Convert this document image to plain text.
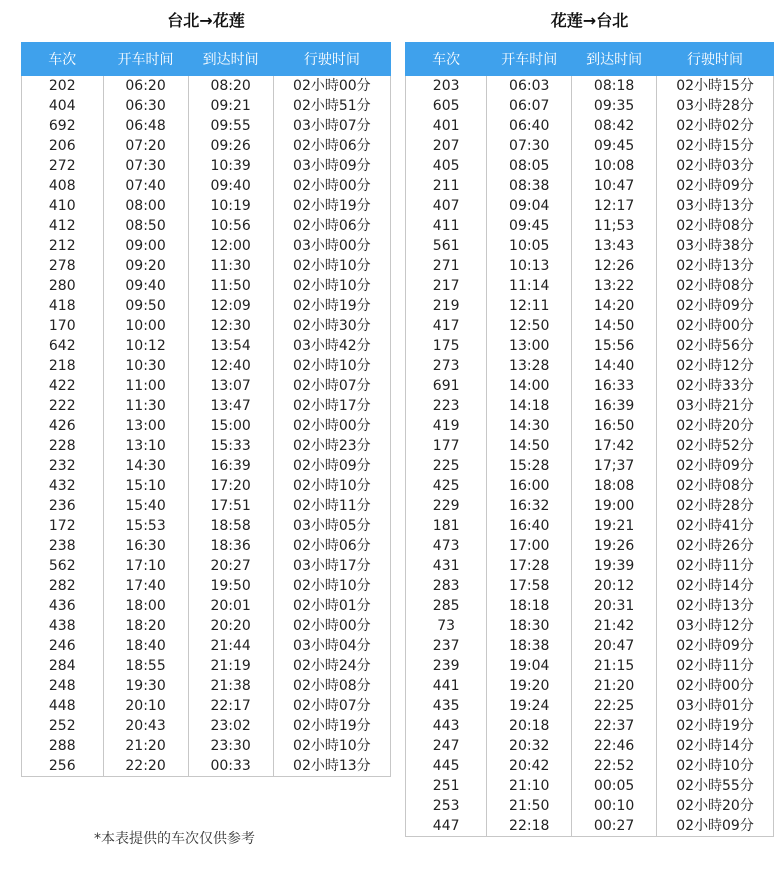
台北→花莲
车次	开车时间	到达时间	行驶时间
202	06:20	08:20	02小時00分
404	06:30	09:21	02小時51分
692	06:48	09:55	03小時07分
206	07:20	09:26	02小時06分
272	07:30	10:39	03小時09分
408	07:40	09:40	02小時00分
410	08:00	10:19	02小時19分
412	08:50	10:56	02小時06分
212	09:00	12:00	03小時00分
278	09:20	11:30	02小時10分
280	09:40	11:50	02小時10分
418	09:50	12:09	02小時19分
170	10:00	12:30	02小時30分
642	10:12	13:54	03小時42分
218	10:30	12:40	02小時10分
422	11:00	13:07	02小時07分
222	11:30	13:47	02小時17分
426	13:00	15:00	02小時00分
228	13:10	15:33	02小時23分
232	14:30	16:39	02小時09分
432	15:10	17:20	02小時10分
236	15:40	17:51	02小時11分
172	15:53	18:58	03小時05分
238	16:30	18:36	02小時06分
562	17:10	20:27	03小時17分
282	17:40	19:50	02小時10分
436	18:00	20:01	02小時01分
438	18:20	20:20	02小時00分
246	18:40	21:44	03小時04分
284	18:55	21:19	02小時24分
248	19:30	21:38	02小時08分
448	20:10	22:17	02小時07分
252	20:43	23:02	02小時19分
288	21:20	23:30	02小時10分
256	22:20	00:33	02小時13分
花莲→台北
车次	开车时间	到达时间	行驶时间
203	06:03	08:18	02小時15分
605	06:07	09:35	03小時28分
401	06:40	08:42	02小時02分
207	07:30	09:45	02小時15分
405	08:05	10:08	02小時03分
211	08:38	10:47	02小時09分
407	09:04	12:17	03小時13分
411	09:45	11;53	02小時08分
561	10:05	13:43	03小時38分
271	10:13	12:26	02小時13分
217	11:14	13:22	02小時08分
219	12:11	14:20	02小時09分
417	12:50	14:50	02小時00分
175	13:00	15:56	02小時56分
273	13:28	14:40	02小時12分
691	14:00	16:33	02小時33分
223	14:18	16:39	03小時21分
419	14:30	16:50	02小時20分
177	14:50	17:42	02小時52分
225	15:28	17;37	02小時09分
425	16:00	18:08	02小時08分
229	16:32	19:00	02小時28分
181	16:40	19:21	02小時41分
473	17:00	19:26	02小時26分
431	17:28	19:39	02小時11分
283	17:58	20:12	02小時14分
285	18:18	20:31	02小時13分
73	18:30	21:42	03小時12分
237	18:38	20:47	02小時09分
239	19:04	21:15	02小時11分
441	19:20	21:20	02小時00分
435	19:24	22:25	03小時01分
443	20:18	22:37	02小時19分
247	20:32	22:46	02小時14分
445	20:42	22:52	02小時10分
251	21:10	00:05	02小時55分
253	21:50	00:10	02小時20分
447	22:18	00:27	02小時09分
*本表提供的车次仅供参考
